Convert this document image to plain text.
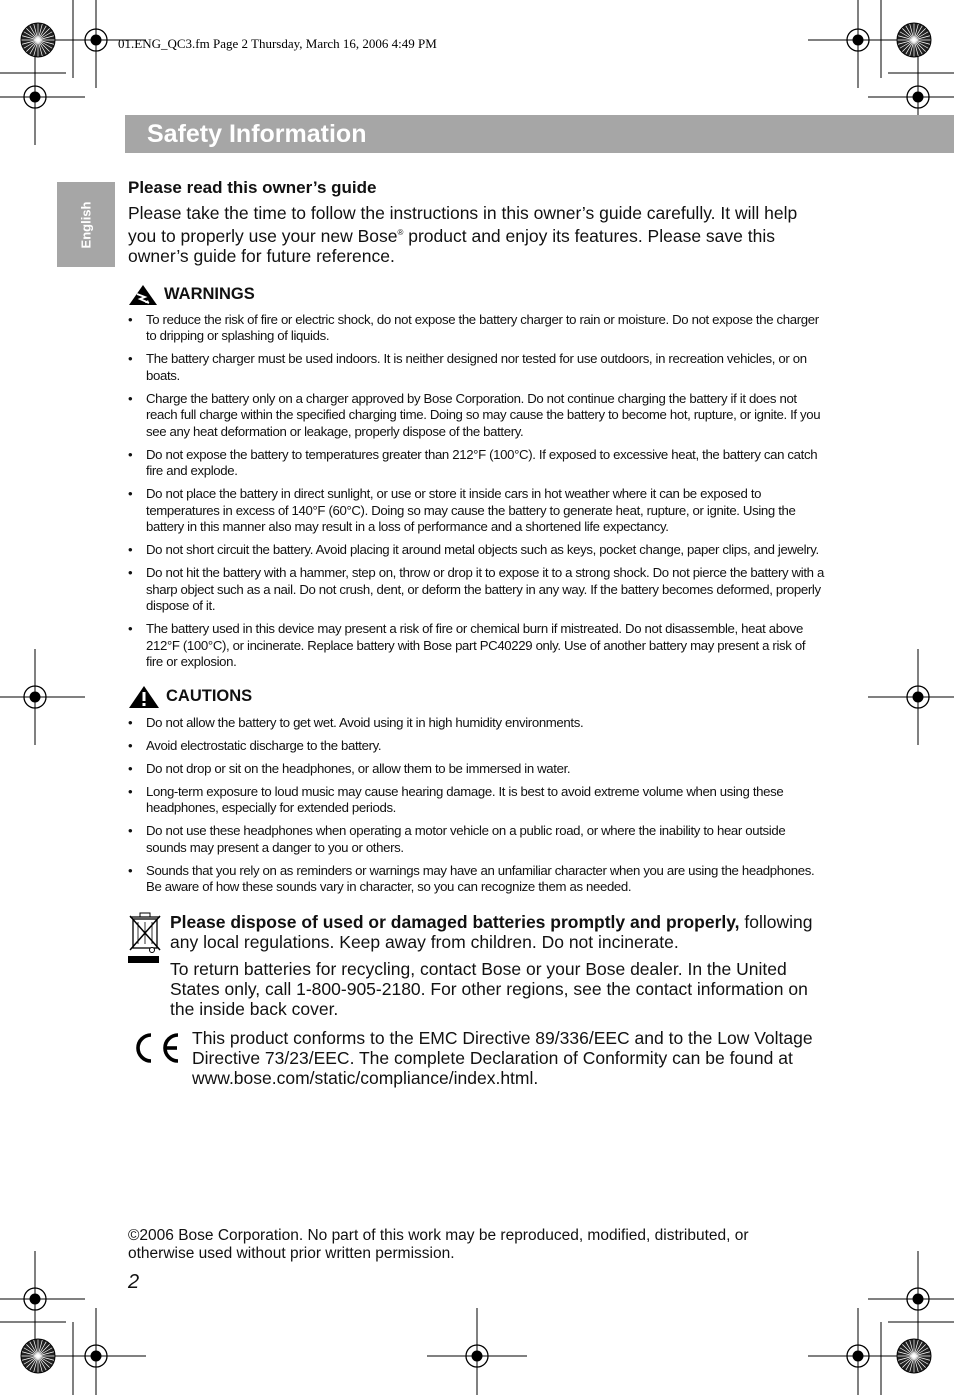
01.ENG_QC3.fm Page 2 Thursday, March 16, 2006 4:49 PM
Safety Information
English
Please read this owner’s guide

Please take the time to follow the instructions in this owner’s guide carefully. It will help you to properly use your new Bose® product and enjoy its features. Please save this owner’s guide for future reference.

WARNINGS
• To reduce the risk of fire or electric shock, do not expose the battery charger to rain or moisture. Do not expose the charger to dripping or splashing of liquids.
• The battery charger must be used indoors. It is neither designed nor tested for use outdoors, in recreation vehicles, or on boats.
• Charge the battery only on a charger approved by Bose Corporation. Do not continue charging the battery if it does not reach full charge within the specified charging time. Doing so may cause the battery to become hot, rupture, or ignite. If you see any heat deformation or leakage, properly dispose of the battery.
• Do not expose the battery to temperatures greater than 212°F (100°C). If exposed to excessive heat, the battery can catch fire and explode.
• Do not place the battery in direct sunlight, or use or store it inside cars in hot weather where it can be exposed to temperatures in excess of 140°F (60°C). Doing so may cause the battery to generate heat, rupture, or ignite. Using the battery in this manner also may result in a loss of performance and a shortened life expectancy.
• Do not short circuit the battery. Avoid placing it around metal objects such as keys, pocket change, paper clips, and jewelry.
• Do not hit the battery with a hammer, step on, throw or drop it to expose it to a strong shock. Do not pierce the battery with a sharp object such as a nail. Do not crush, dent, or deform the battery in any way. If the battery becomes deformed, properly dispose of it.
• The battery used in this device may present a risk of fire or chemical burn if mistreated. Do not disassemble, heat above 212°F (100°C), or incinerate. Replace battery with Bose part PC40229 only. Use of another battery may present a risk of fire or explosion.
CAUTIONS
• Do not allow the battery to get wet. Avoid using it in high humidity environments.
• Avoid electrostatic discharge to the battery.
• Do not drop or sit on the headphones, or allow them to be immersed in water.
• Long-term exposure to loud music may cause hearing damage. It is best to avoid extreme volume when using these headphones, especially for extended periods.
• Do not use these headphones when operating a motor vehicle on a public road, or where the inability to hear outside sounds may present a danger to you or others.
• Sounds that you rely on as reminders or warnings may have an unfamiliar character when you are using the headphones. Be aware of how these sounds vary in character, so you can recognize them as needed.

Please dispose of used or damaged batteries promptly and properly, following any local regulations. Keep away from children. Do not incinerate.

To return batteries for recycling, contact Bose or your Bose dealer. In the United States only, call 1-800-905-2180. For other regions, see the contact information on the inside back cover.

This product conforms to the EMC Directive 89/336/EEC and to the Low Voltage Directive 73/23/EEC. The complete Declaration of Conformity can be found at www.bose.com/static/compliance/index.html.

©2006 Bose Corporation. No part of this work may be reproduced, modified, distributed, or otherwise used without prior written permission.

2
